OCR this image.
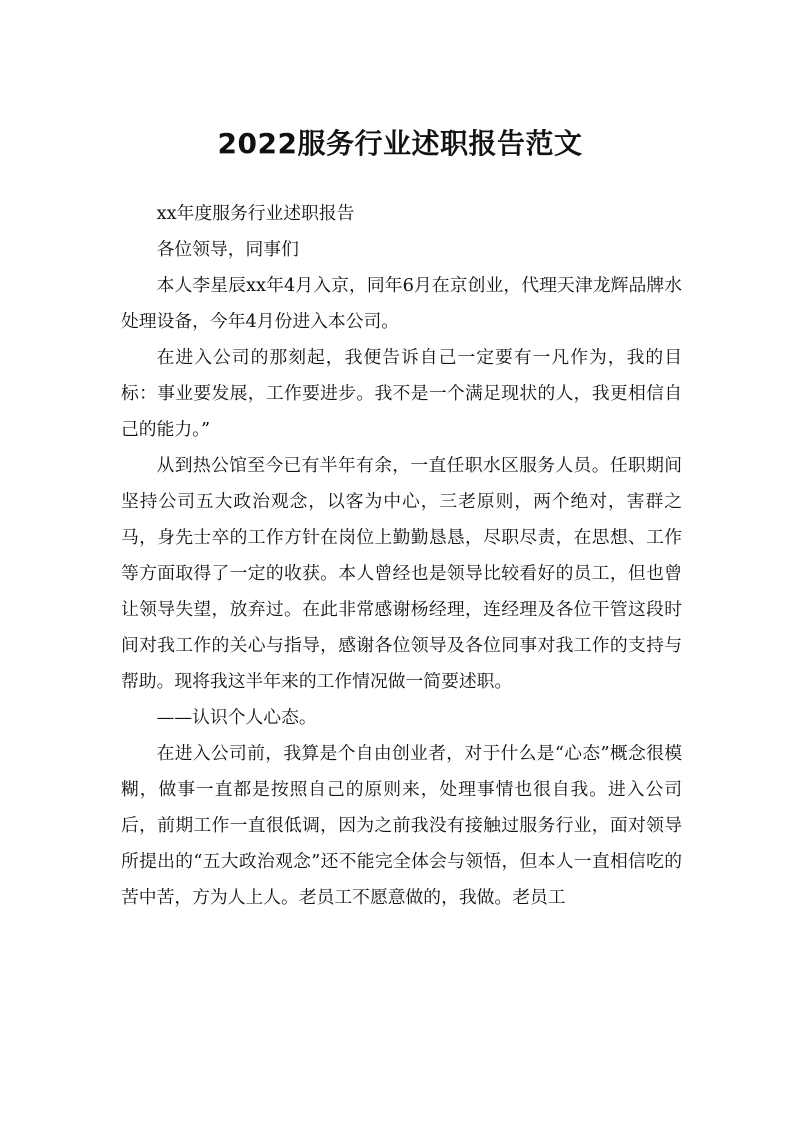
2022服务行业述职报告范文

xx年度服务行业述职报告

各位领导，同事们

本人李星辰xx年4月入京，同年6月在京创业，代理天津龙辉品牌水处理设备，今年4月份进入本公司。

在进入公司的那刻起，我便告诉自己一定要有一凡作为，我的目标：事业要发展，工作要进步。我不是一个满足现状的人，我更相信自己的能力。”

从到热公馆至今已有半年有余，一直任职水区服务人员。任职期间坚持公司五大政治观念，以客为中心，三老原则，两个绝对，害群之马，身先士卒的工作方针在岗位上勤勤恳恳，尽职尽责，在思想、工作等方面取得了一定的收获。本人曾经也是领导比较看好的员工，但也曾让领导失望，放弃过。在此非常感谢杨经理，连经理及各位干管这段时间对我工作的关心与指导，感谢各位领导及各位同事对我工作的支持与帮助。现将我这半年来的工作情况做一简要述职。

——认识个人心态。

在进入公司前，我算是个自由创业者，对于什么是“心态”概念很模糊，做事一直都是按照自己的原则来，处理事情也很自我。进入公司后，前期工作一直很低调，因为之前我没有接触过服务行业，面对领导所提出的“五大政治观念”还不能完全体会与领悟，但本人一直相信吃的苦中苦，方为人上人。老员工不愿意做的，我做。老员工
